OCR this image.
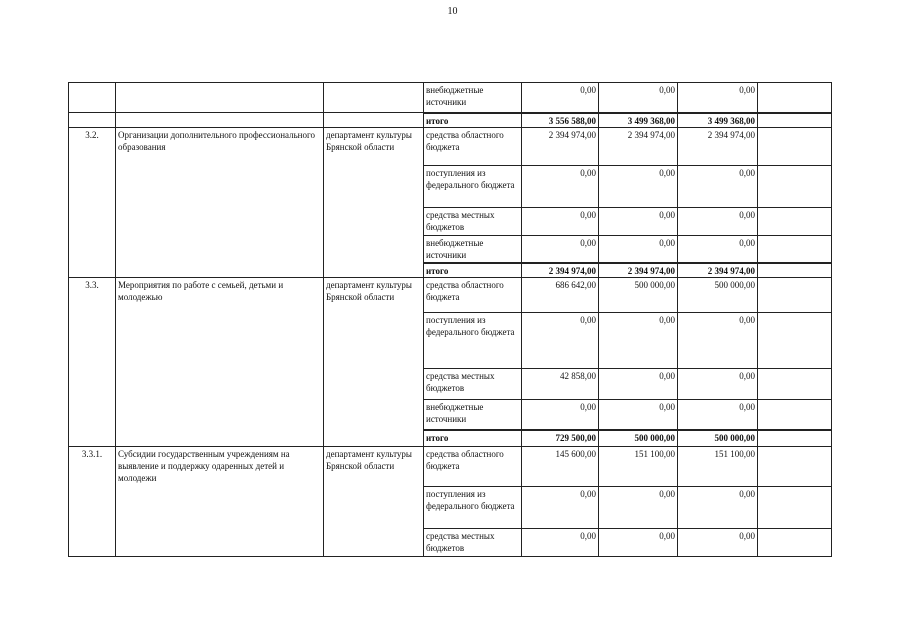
10
			внебюджетные источники	0,00	0,00	0,00	
			итого	3 556 588,00	3 499 368,00	3 499 368,00	
3.2.	Организации дополнительного профессионального образования	департамент культуры Брянской области	средства областного бюджета	2 394 974,00	2 394 974,00	2 394 974,00	
			поступления из федерального бюджета	0,00	0,00	0,00	
			средства местных бюджетов	0,00	0,00	0,00	
			внебюджетные источники	0,00	0,00	0,00	
			итого	2 394 974,00	2 394 974,00	2 394 974,00	
3.3.	Мероприятия по работе с семьей, детьми и молодежью	департамент культуры Брянской области	средства областного бюджета	686 642,00	500 000,00	500 000,00	
			поступления из федерального бюджета	0,00	0,00	0,00	
			средства местных бюджетов	42 858,00	0,00	0,00	
			внебюджетные источники	0,00	0,00	0,00	
			итого	729 500,00	500 000,00	500 000,00	
3.3.1.	Субсидии государственным учреждениям на выявление и поддержку одаренных детей и молодежи	департамент культуры Брянской области	средства областного бюджета	145 600,00	151 100,00	151 100,00	
			поступления из федерального бюджета	0,00	0,00	0,00	
			средства местных бюджетов	0,00	0,00	0,00	
